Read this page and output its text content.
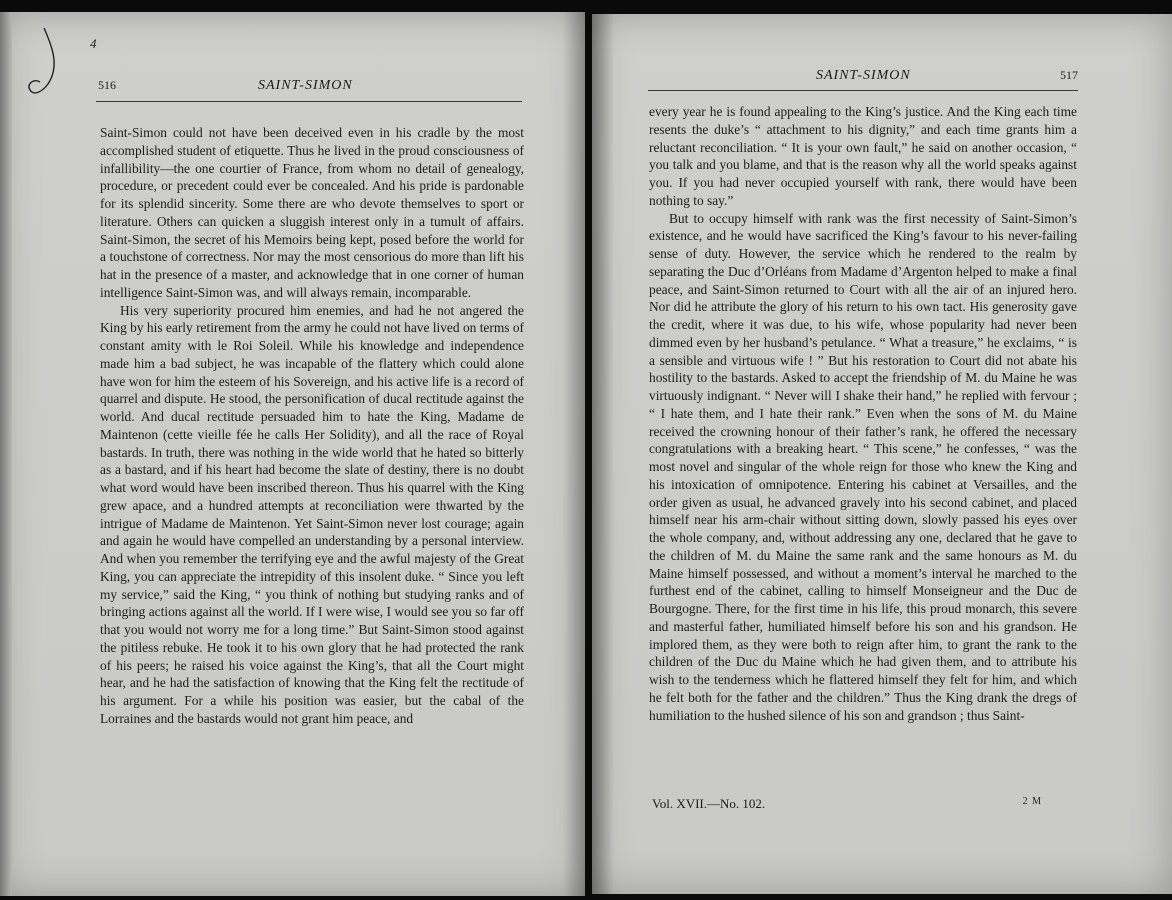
4
516	SAINT-SIMON

Saint-Simon could not have been deceived even in his cradle by the most accomplished student of etiquette. Thus he lived in the proud consciousness of infallibility—the one courtier of France, from whom no detail of genealogy, procedure, or precedent could ever be concealed. And his pride is pardonable for its splendid sincerity. Some there are who devote themselves to sport or literature. Others can quicken a sluggish interest only in a tumult of affairs. Saint-Simon, the secret of his Memoirs being kept, posed before the world for a touchstone of correctness. Nor may the most censorious do more than lift his hat in the presence of a master, and acknowledge that in one corner of human intelligence Saint-Simon was, and will always remain, incomparable.

His very superiority procured him enemies, and had he not angered the King by his early retirement from the army he could not have lived on terms of constant amity with le Roi Soleil. While his knowledge and independence made him a bad subject, he was incapable of the flattery which could alone have won for him the esteem of his Sovereign, and his active life is a record of quarrel and dispute. He stood, the personification of ducal rectitude against the world. And ducal rectitude persuaded him to hate the King, Madame de Maintenon (cette vieille fée he calls Her Solidity), and all the race of Royal bastards. In truth, there was nothing in the wide world that he hated so bitterly as a bastard, and if his heart had become the slate of destiny, there is no doubt what word would have been inscribed thereon. Thus his quarrel with the King grew apace, and a hundred attempts at reconciliation were thwarted by the intrigue of Madame de Maintenon. Yet Saint-Simon never lost courage; again and again he would have compelled an understanding by a personal interview. And when you remember the terrifying eye and the awful majesty of the Great King, you can appreciate the intrepidity of this insolent duke. “ Since you left my service,” said the King, “ you think of nothing but studying ranks and of bringing actions against all the world. If I were wise, I would see you so far off that you would not worry me for a long time.” But Saint-Simon stood against the pitiless rebuke. He took it to his own glory that he had protected the rank of his peers; he raised his voice against the King’s, that all the Court might hear, and he had the satisfaction of knowing that the King felt the rectitude of his argument. For a while his position was easier, but the cabal of the Lorraines and the bastards would not grant him peace, and

SAINT-SIMON	517

every year he is found appealing to the King’s justice. And the King each time resents the duke’s “ attachment to his dignity,” and each time grants him a reluctant reconciliation. “ It is your own fault,” he said on another occasion, “ you talk and you blame, and that is the reason why all the world speaks against you. If you had never occupied yourself with rank, there would have been nothing to say.”

But to occupy himself with rank was the first necessity of Saint-Simon’s existence, and he would have sacrificed the King’s favour to his never-failing sense of duty. However, the service which he rendered to the realm by separating the Duc d’Orléans from Madame d’Argenton helped to make a final peace, and Saint-Simon returned to Court with all the air of an injured hero. Nor did he attribute the glory of his return to his own tact. His generosity gave the credit, where it was due, to his wife, whose popularity had never been dimmed even by her husband’s petulance. “ What a treasure,” he exclaims, “ is a sensible and virtuous wife ! ” But his restoration to Court did not abate his hostility to the bastards. Asked to accept the friendship of M. du Maine he was virtuously indignant. “ Never will I shake their hand,” he replied with fervour ; “ I hate them, and I hate their rank.” Even when the sons of M. du Maine received the crowning honour of their father’s rank, he offered the necessary congratulations with a breaking heart. “ This scene,” he confesses, “ was the most novel and singular of the whole reign for those who knew the King and his intoxication of omnipotence. Entering his cabinet at Versailles, and the order given as usual, he advanced gravely into his second cabinet, and placed himself near his arm-chair without sitting down, slowly passed his eyes over the whole company, and, without addressing any one, declared that he gave to the children of M. du Maine the same rank and the same honours as M. du Maine himself possessed, and without a moment’s interval he marched to the furthest end of the cabinet, calling to himself Monseigneur and the Duc de Bourgogne. There, for the first time in his life, this proud monarch, this severe and masterful father, humiliated himself before his son and his grandson. He implored them, as they were both to reign after him, to grant the rank to the children of the Duc du Maine which he had given them, and to attribute his wish to the tenderness which he flattered himself they felt for him, and which he felt both for the father and the children.” Thus the King drank the dregs of humiliation to the hushed silence of his son and grandson ; thus Saint-

Vol. XVII.—No. 102.	2 M
